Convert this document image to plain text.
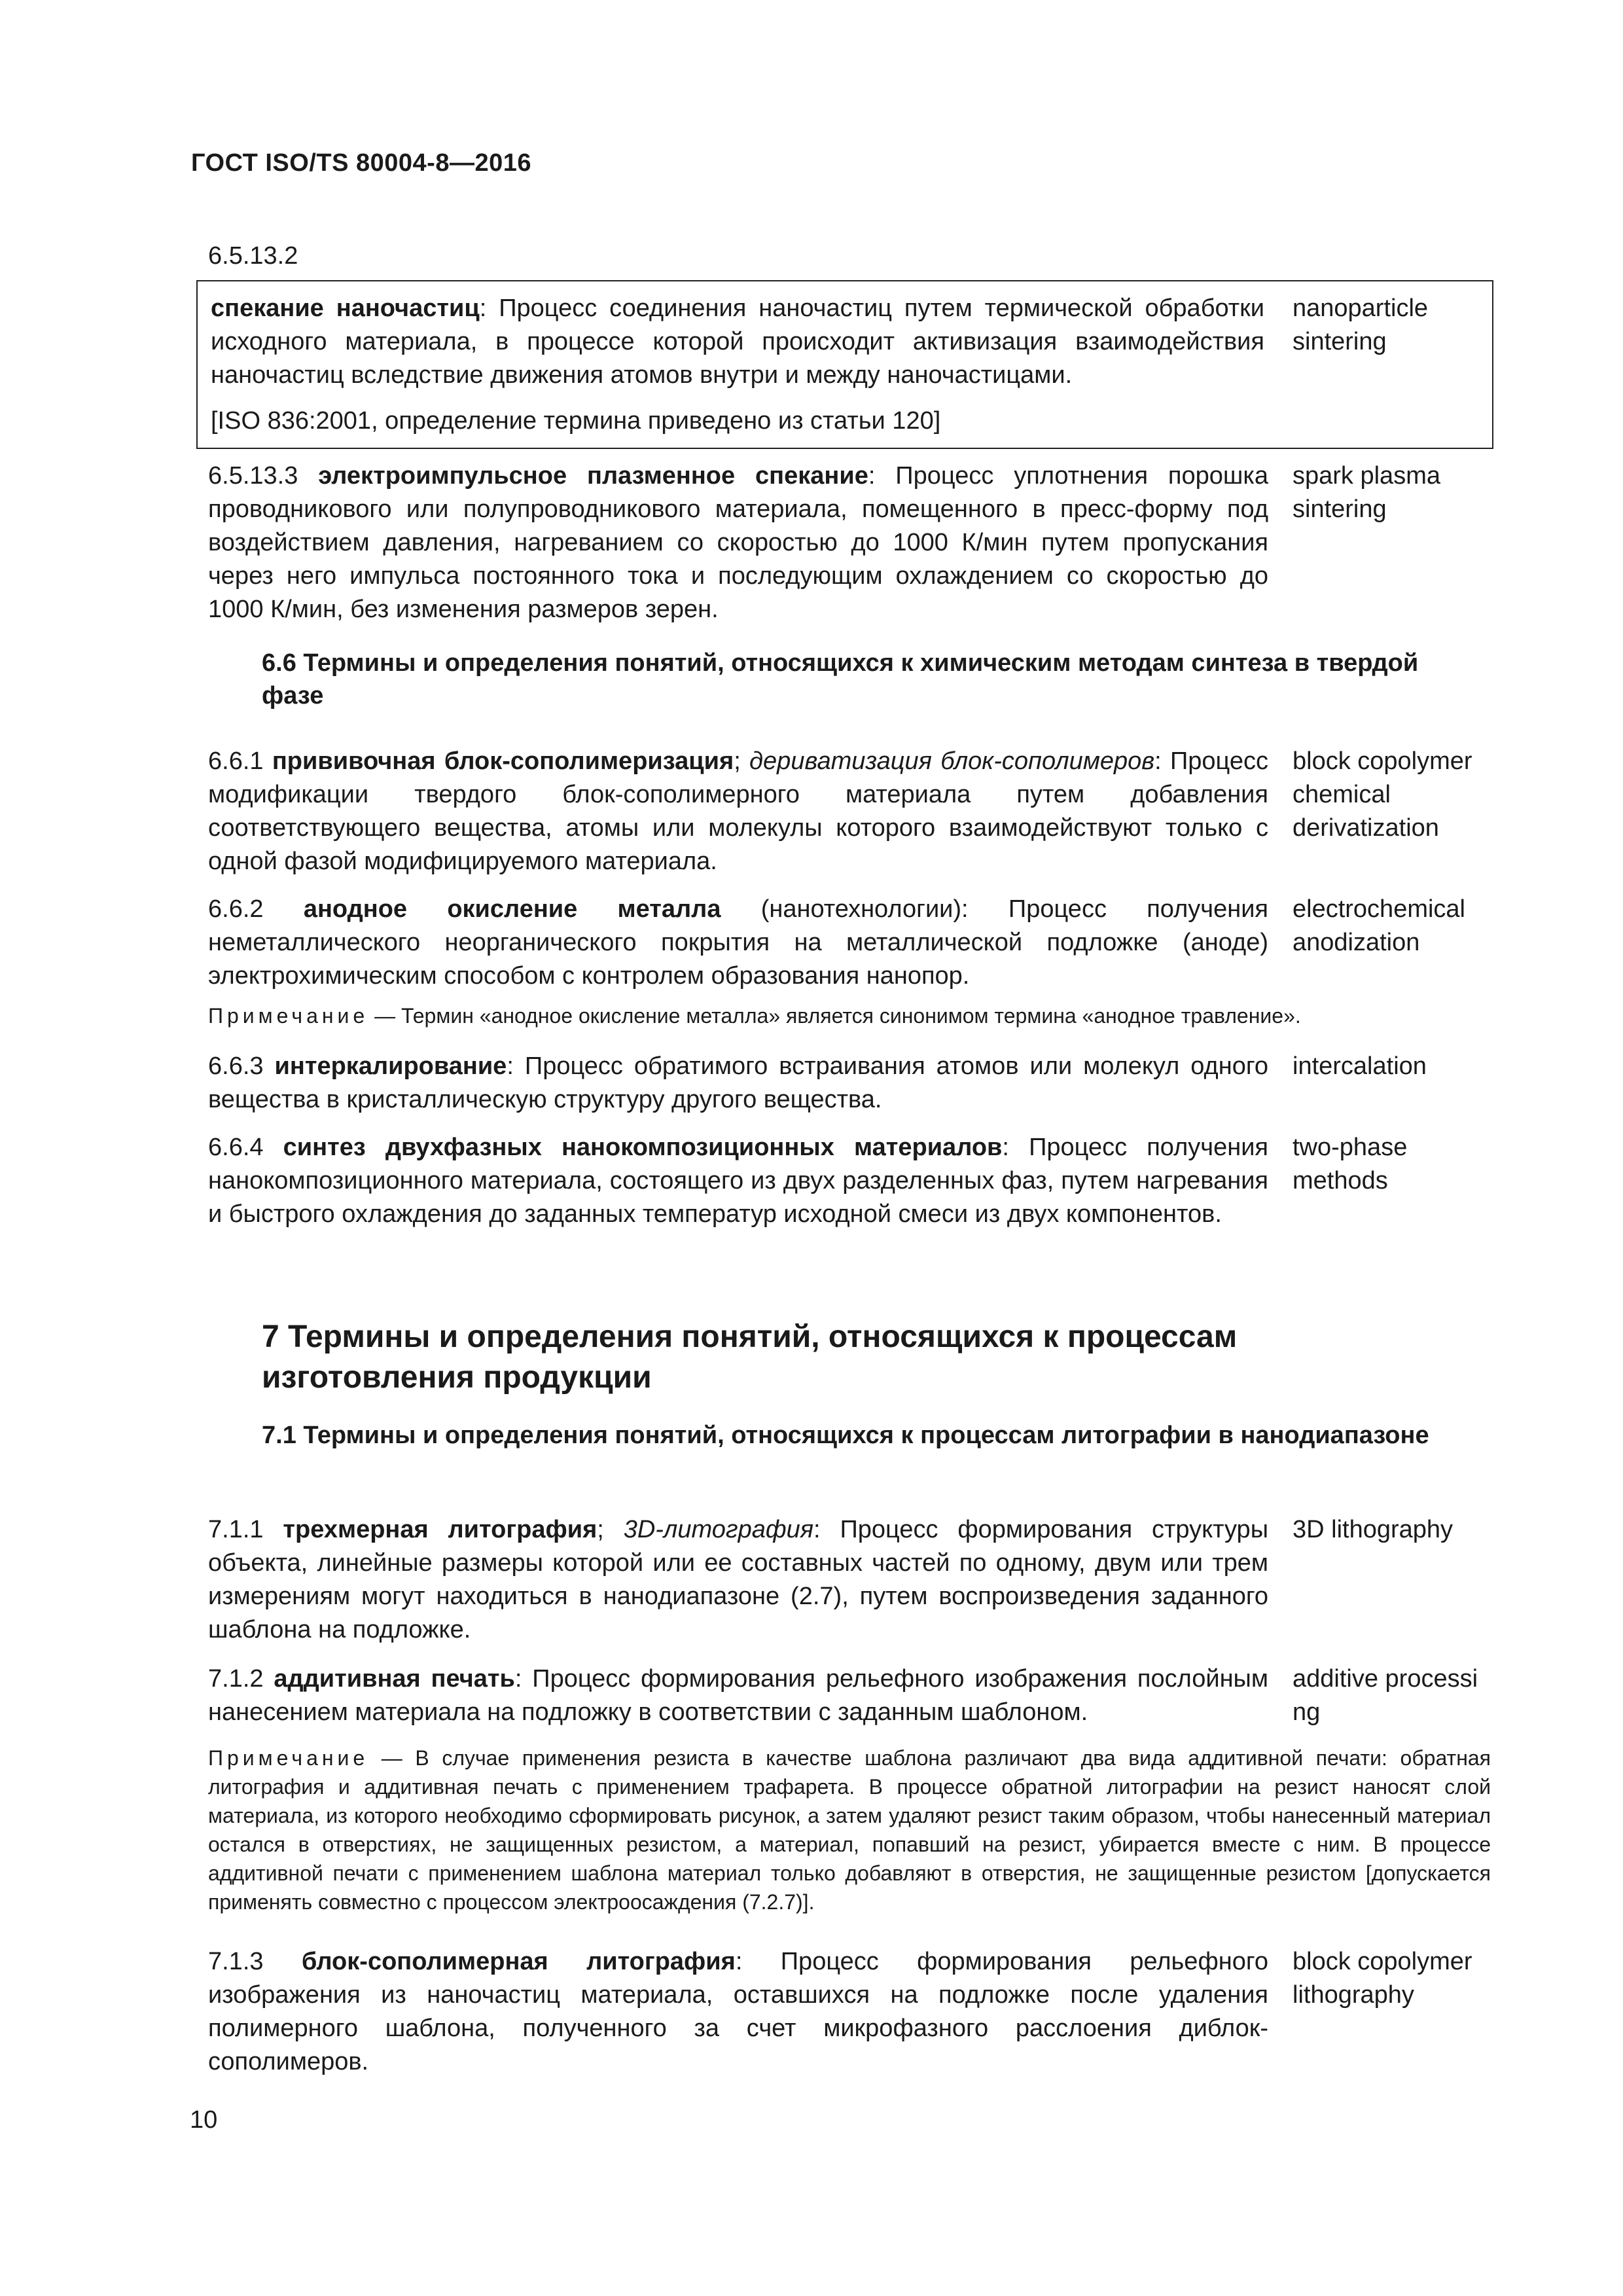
ГОСТ ISO/TS 80004-8—2016
6.5.13.2
спекание наночастиц: Процесс соединения наночастиц путем термической обработки исходного материала, в процессе которой происходит активизация взаимодействия наночастиц вследствие движения атомов внутри и между наночастицами.
[ISO 836:2001, определение термина приведено из статьи 120]
nanoparticle sintering
6.5.13.3 электроимпульсное плазменное спекание: Процесс уплотнения порошка проводникового или полупроводникового материала, помещенного в пресс-форму под воздействием давления, нагреванием со скоростью до 1000 К/мин путем пропускания через него импульса постоянного тока и последующим охлаждением со скоростью до 1000 К/мин, без изменения размеров зерен.
spark plasma sintering
6.6 Термины и определения понятий, относящихся к химическим методам синтеза в твердой фазе
6.6.1 прививочная блок-сополимеризация; дериватизация блок-сополимеров: Процесс модификации твердого блок-сополимерного материала путем добавления соответствующего вещества, атомы или молекулы которого взаимодействуют только с одной фазой модифицируемого материала.
block copolymer chemical derivatization
6.6.2 анодное окисление металла (нанотехнологии): Процесс получения неметаллического неорганического покрытия на металлической подложке (аноде) электрохимическим способом с контролем образования нанопор.
electrochemical anodization
Примечание — Термин «анодное окисление металла» является синонимом термина «анодное травление».
6.6.3 интеркалирование: Процесс обратимого встраивания атомов или молекул одного вещества в кристаллическую структуру другого вещества.
intercalation
6.6.4 синтез двухфазных нанокомпозиционных материалов: Процесс получения нанокомпозиционного материала, состоящего из двух разделенных фаз, путем нагревания и быстрого охлаждения до заданных температур исходной смеси из двух компонентов.
two-phase methods
7 Термины и определения понятий, относящихся к процессам изготовления продукции
7.1 Термины и определения понятий, относящихся к процессам литографии в нанодиапазоне
7.1.1 трехмерная литография; 3D-литография: Процесс формирования структуры объекта, линейные размеры которой или ее составных частей по одному, двум или трем измерениям могут находиться в нанодиапазоне (2.7), путем воспроизведения заданного шаблона на подложке.
3D lithography
7.1.2 аддитивная печать: Процесс формирования рельефного изображения послойным нанесением материала на подложку в соответствии с заданным шаблоном.
additive processing
Примечание — В случае применения резиста в качестве шаблона различают два вида аддитивной печати: обратная литография и аддитивная печать с применением трафарета. В процессе обратной литографии на резист наносят слой материала, из которого необходимо сформировать рисунок, а затем удаляют резист таким образом, чтобы нанесенный материал остался в отверстиях, не защищенных резистом, а материал, попавший на резист, убирается вместе с ним. В процессе аддитивной печати с применением шаблона материал только добавляют в отверстия, не защищенные резистом [допускается применять совместно с процессом электроосаждения (7.2.7)].
7.1.3 блок-сополимерная литография: Процесс формирования рельефного изображения из наночастиц материала, оставшихся на подложке после удаления полимерного шаблона, полученного за счет микрофазного расслоения диблок-сополимеров.
block copolymer lithography
10
